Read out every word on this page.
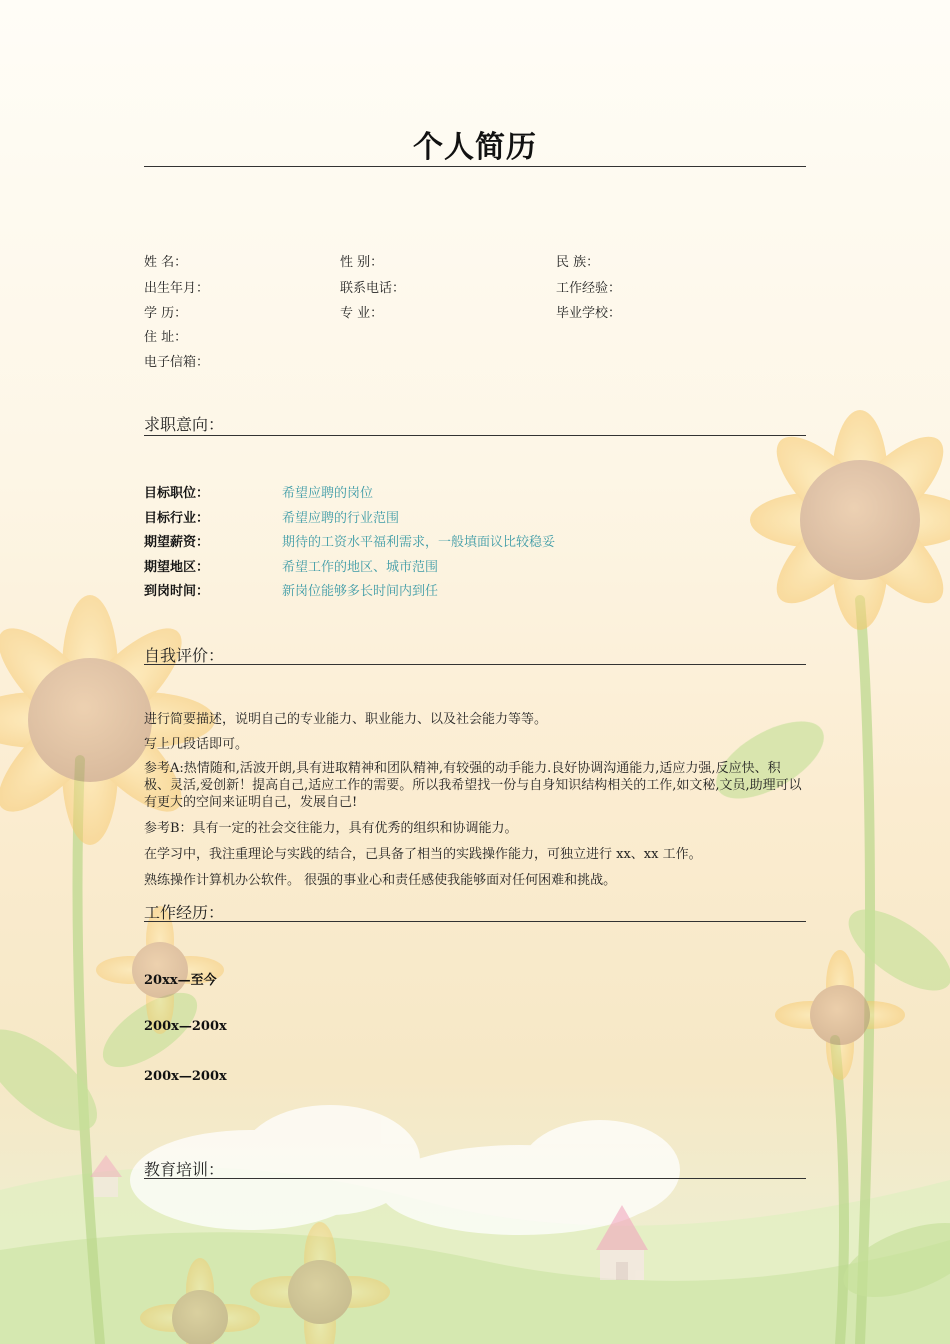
个人简历
姓 名：	性 别：	民 族：
出生年月：	联系电话：	工作经验：
学 历：	专 业：	毕业学校：
住 址：
电子信箱：
求职意向：
目标职位：	希望应聘的岗位
目标行业：	希望应聘的行业范围
期望薪资：	期待的工资水平福利需求，一般填面议比较稳妥
期望地区：	希望工作的地区、城市范围
到岗时间：	新岗位能够多长时间内到任
自我评价：
进行简要描述，说明自己的专业能力、职业能力、以及社会能力等等。
写上几段话即可。
参考A:热情随和,活波开朗,具有进取精神和团队精神,有较强的动手能力.良好协调沟通能力,适应力强,反应快、积极、灵活,爱创新！提高自己,适应工作的需要。所以我希望找一份与自身知识结构相关的工作,如文秘,文员,助理可以有更大的空间来证明自己，发展自己!
参考B：具有一定的社会交往能力，具有优秀的组织和协调能力。
在学习中，我注重理论与实践的结合，己具备了相当的实践操作能力，可独立进行 xx、xx 工作。
熟练操作计算机办公软件。 很强的事业心和责任感使我能够面对任何困难和挑战。
工作经历：
20xx—至今
200x—200x
200x—200x
教育培训：
